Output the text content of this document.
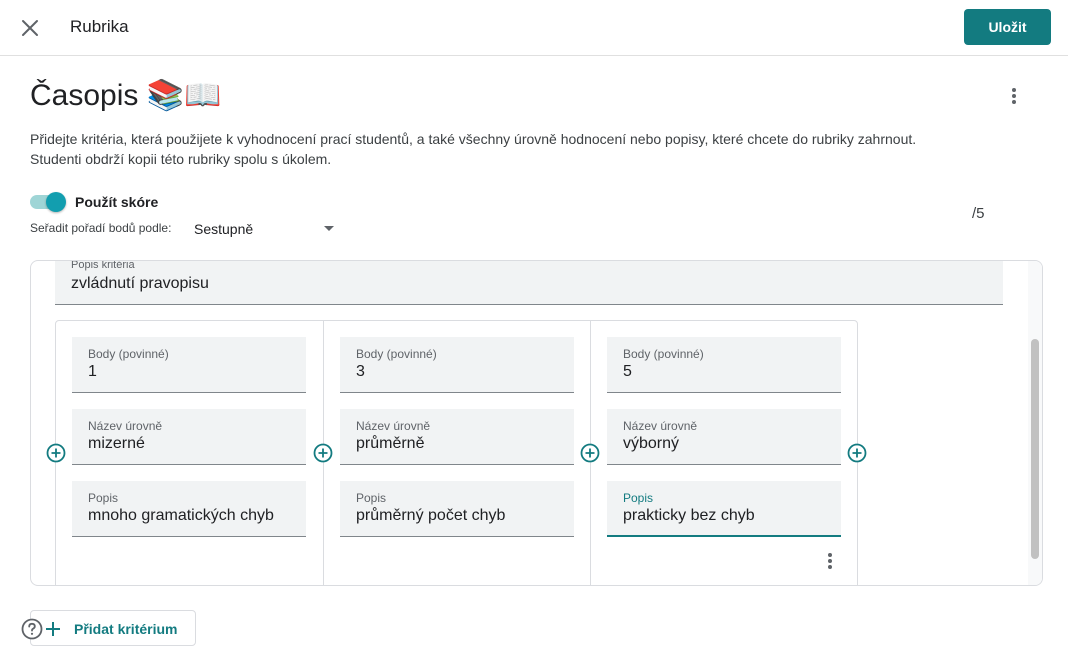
Rubrika	Uložit
Časopis 📚📖
Přidejte kritéria, která použijete k vyhodnocení prací studentů, a také všechny úrovně hodnocení nebo popisy, které chcete do rubriky zahrnout.
Studenti obdrží kopii této rubriky spolu s úkolem.
Použít skóre
Seřadit pořadí bodů podle: Sestupně
/5
Popis kritéria
zvládnutí pravopisu
Body (povinné)
1
Název úrovně
mizerné
Popis
mnoho gramatických chyb
Body (povinné)
3
Název úrovně
průměrně
Popis
průměrný počet chyb
Body (povinné)
5
Název úrovně
výborný
Popis
prakticky bez chyb
Přidat kritérium
